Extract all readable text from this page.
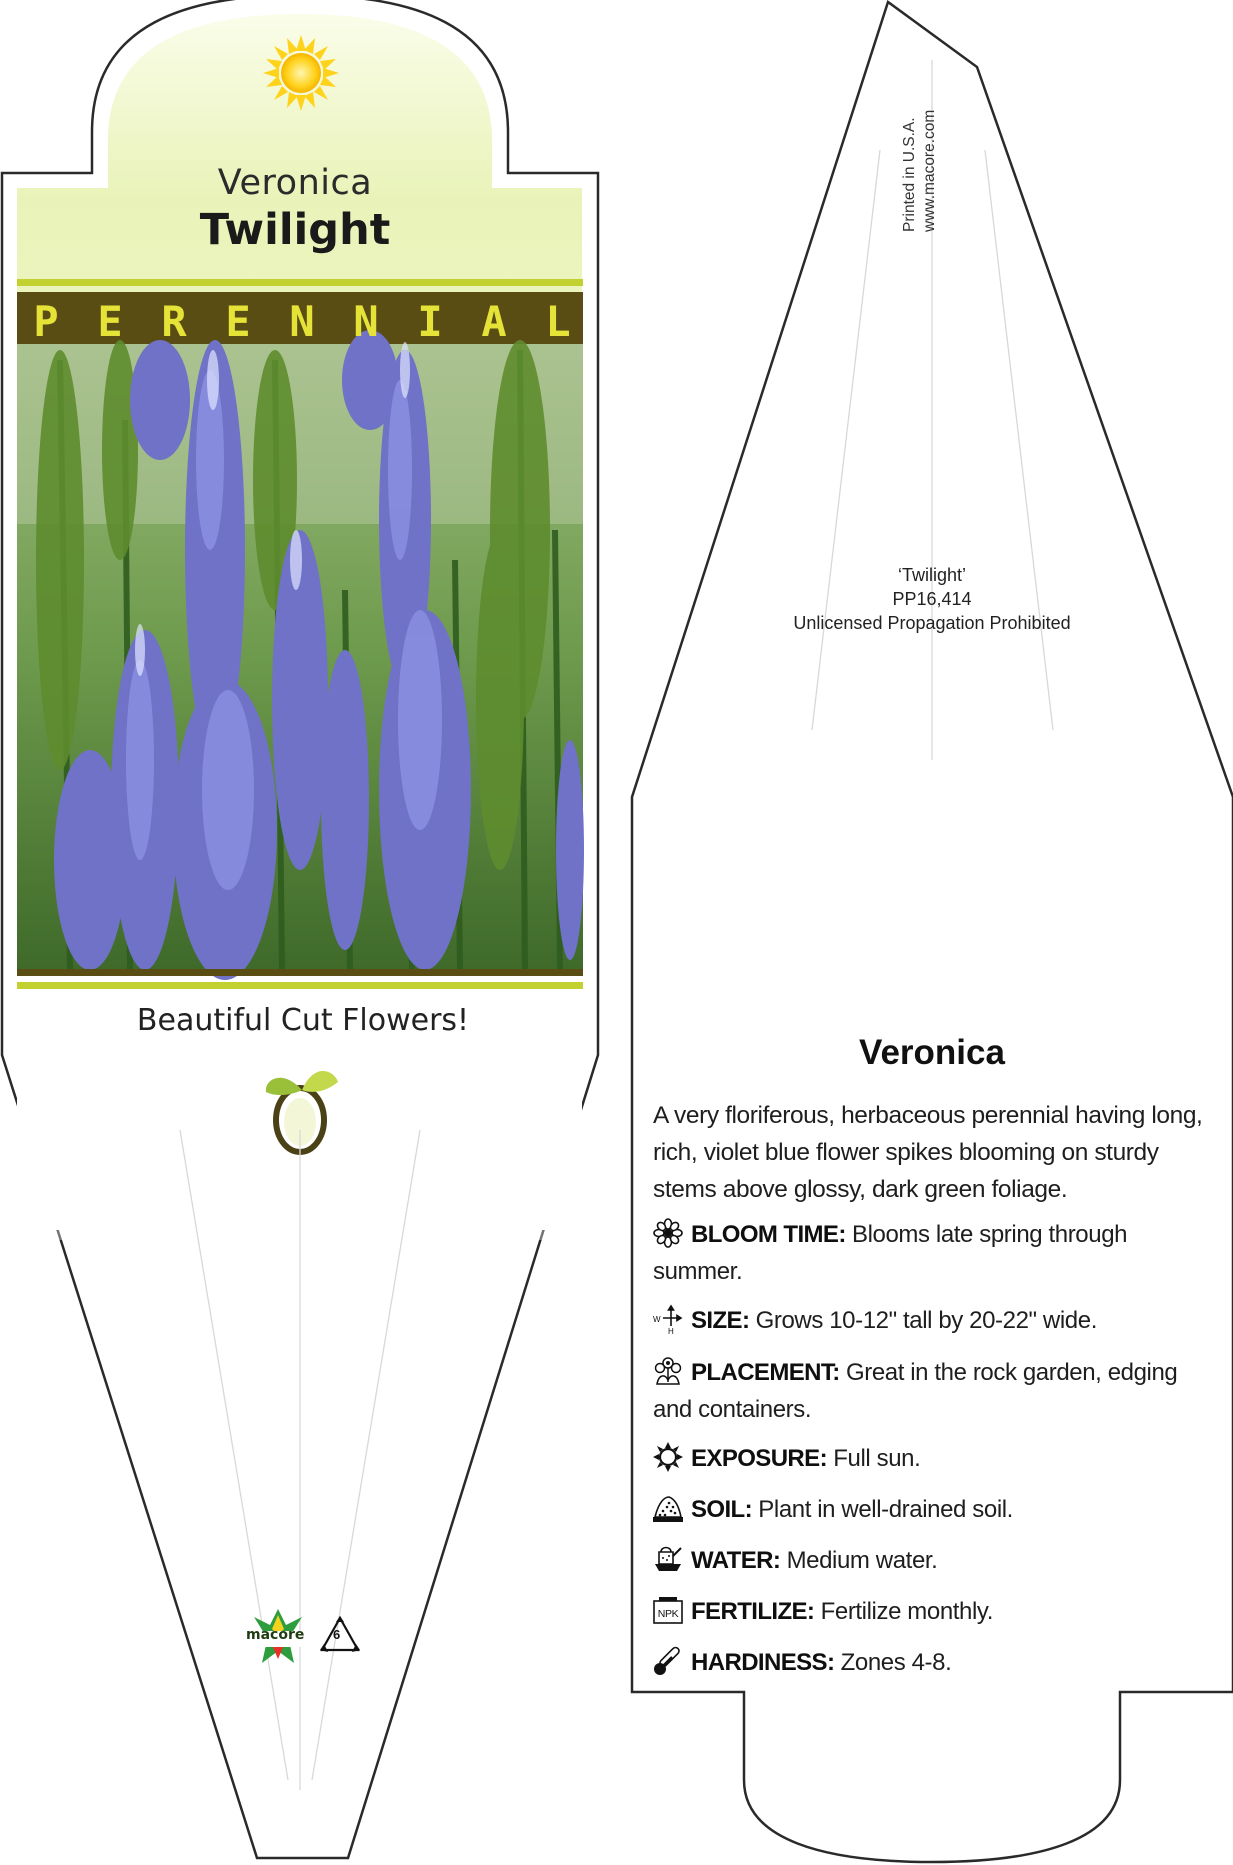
Veronica
Twilight
P E R E N N I A L
Beautiful Cut Flowers!
macore 6
Printed in U.S.A. www.macore.com
‘Twilight’
PP16,414
Unlicensed Propagation Prohibited
Veronica
A very floriferous, herbaceous perennial having long, rich, violet blue flower spikes blooming on sturdy stems above glossy, dark green foliage.
BLOOM TIME: Blooms late spring through summer.
W
H SIZE: Grows 10-12" tall by 20-22" wide.
PLACEMENT: Great in the rock garden, edging and containers.
EXPOSURE: Full sun.
SOIL: Plant in well-drained soil.
WATER: Medium water.
NPK FERTILIZE: Fertilize monthly.
HARDINESS: Zones 4-8.
